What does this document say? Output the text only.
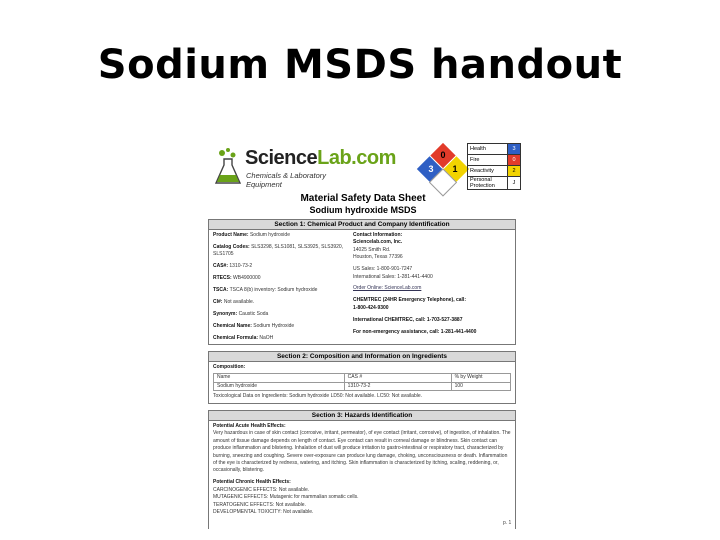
Sodium MSDS handout
ScienceLab.com
Chemicals & Laboratory Equipment
0
3 1
Health	3
Fire	0
Reactivity	2
Personal Protection	J
Material Safety Data Sheet
Sodium hydroxide MSDS
Section 1: Chemical Product and Company Identification
Product Name: Sodium hydroxide
Catalog Codes: SLS3298, SLS1081, SLS3925, SLS3920, SLS1705
CAS#: 1310-73-2
RTECS: WB4900000
TSCA: TSCA 8(b) inventory: Sodium hydroxide
CI#: Not available.
Synonym: Caustic Soda
Chemical Name: Sodium Hydroxide
Chemical Formula: NaOH
Contact Information:
Sciencelab.com, Inc.
14025 Smith Rd.
Houston, Texas 77396
US Sales: 1-800-901-7247
International Sales: 1-281-441-4400
Order Online: ScienceLab.com
CHEMTREC (24HR Emergency Telephone), call:
1-800-424-9300
International CHEMTREC, call: 1-703-527-3887
For non-emergency assistance, call: 1-281-441-4400
Section 2: Composition and Information on Ingredients
Composition:
Name	CAS #	% by Weight
Sodium hydroxide	1310-73-2	100
Toxicological Data on Ingredients: Sodium hydroxide LD50: Not available. LC50: Not available.
Section 3: Hazards Identification
Potential Acute Health Effects:
Very hazardous in case of skin contact (corrosive, irritant, permeator), of eye contact (irritant, corrosive), of ingestion, of inhalation. The amount of tissue damage depends on length of contact. Eye contact can result in corneal damage or blindness. Skin contact can produce inflammation and blistering. Inhalation of dust will produce irritation to gastro-intestinal or respiratory tract, characterized by burning, sneezing and coughing. Severe over-exposure can produce lung damage, choking, unconsciousness or death. Inflammation of the eye is characterized by redness, watering, and itching. Skin inflammation is characterized by itching, scaling, reddening, or, occasionally, blistering.
Potential Chronic Health Effects:
CARCINOGENIC EFFECTS: Not available.
MUTAGENIC EFFECTS: Mutagenic for mammalian somatic cells.
TERATOGENIC EFFECTS: Not available.
DEVELOPMENTAL TOXICITY: Not available.
p. 1
